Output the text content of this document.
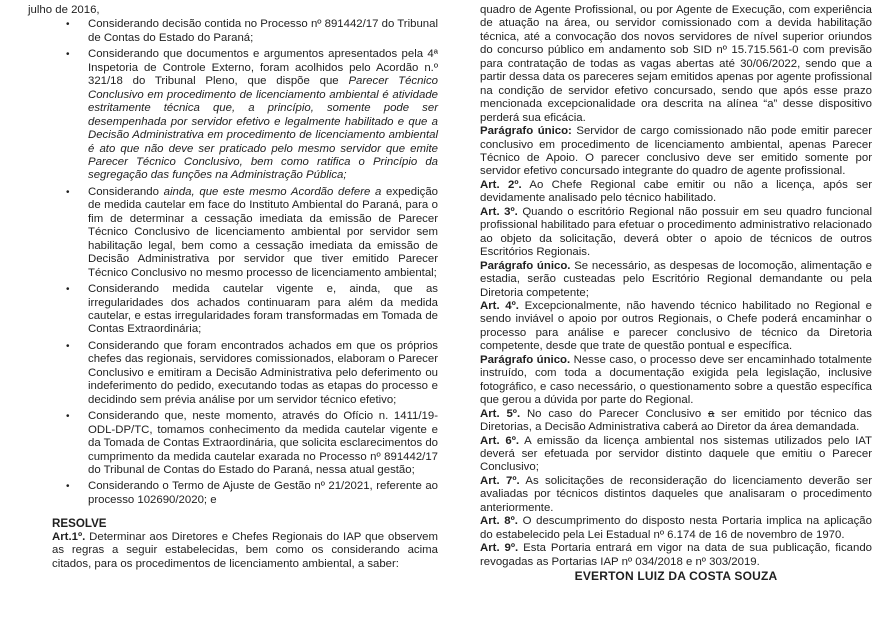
julho de 2016,

• Considerando decisão contida no Processo nº 891442/17 do Tribunal de Contas do Estado do Paraná;
• Considerando que documentos e argumentos apresentados pela 4ª Inspetoria de Controle Externo, foram acolhidos pelo Acordão n.º 321/18 do Tribunal Pleno, que dispõe que Parecer Técnico Conclusivo em procedimento de licenciamento ambiental é atividade estritamente técnica que, a princípio, somente pode ser desempenhada por servidor efetivo e legalmente habilitado e que a Decisão Administrativa em procedimento de licenciamento ambiental é ato que não deve ser praticado pelo mesmo servidor que emite Parecer Técnico Conclusivo, bem como ratifica o Princípio da segregação das funções na Administração Pública;
• Considerando ainda, que este mesmo Acordão defere a expedição de medida cautelar em face do Instituto Ambiental do Paraná, para o fim de determinar a cessação imediata da emissão de Parecer Técnico Conclusivo de licenciamento ambiental por servidor sem habilitação legal, bem como a cessação imediata da emissão de Decisão Administrativa por servidor que tiver emitido Parecer Técnico Conclusivo no mesmo processo de licenciamento ambiental;
• Considerando medida cautelar vigente e, ainda, que as irregularidades dos achados continuaram para além da medida cautelar, e estas irregularidades foram transformadas em Tomada de Contas Extraordinária;
• Considerando que foram encontrados achados em que os próprios chefes das regionais, servidores comissionados, elaboram o Parecer Conclusivo e emitiram a Decisão Administrativa pelo deferimento ou indeferimento do pedido, executando todas as etapas do processo e decidindo sem prévia análise por um servidor técnico efetivo;
• Considerando que, neste momento, através do Ofício n. 1411/19-ODL-DP/TC, tomamos conhecimento da medida cautelar vigente e da Tomada de Contas Extraordinária, que solicita esclarecimentos do cumprimento da medida cautelar exarada no Processo nº 891442/17 do Tribunal de Contas do Estado do Paraná, nessa atual gestão;
• Considerando o Termo de Ajuste de Gestão nº 21/2021, referente ao processo 102690/2020; e

RESOLVE

Art.1º. Determinar aos Diretores e Chefes Regionais do IAP que observem as regras a seguir estabelecidas, bem como os considerando acima citados, para os procedimentos de licenciamento ambiental, a saber:

quadro de Agente Profissional, ou por Agente de Execução, com experiência de atuação na área, ou servidor comissionado com a devida habilitação técnica, até a convocação dos novos servidores de nível superior oriundos do concurso público em andamento sob SID nº 15.715.561-0 com previsão para contratação de todas as vagas abertas até 30/06/2022, sendo que a partir dessa data os pareceres sejam emitidos apenas por agente profissional na condição de servidor efetivo concursado, sendo que após esse prazo mencionada excepcionalidade ora descrita na alínea “a” desse dispositivo perderá sua eficácia.

Parágrafo único: Servidor de cargo comissionado não pode emitir parecer conclusivo em procedimento de licenciamento ambiental, apenas Parecer Técnico de Apoio. O parecer conclusivo deve ser emitido somente por servidor efetivo concursado integrante do quadro de agente profissional.

Art. 2º. Ao Chefe Regional cabe emitir ou não a licença, após ser devidamente analisado pelo técnico habilitado.

Art. 3º. Quando o escritório Regional não possuir em seu quadro funcional profissional habilitado para efetuar o procedimento administrativo relacionado ao objeto da solicitação, deverá obter o apoio de técnicos de outros Escritórios Regionais.

Parágrafo único. Se necessário, as despesas de locomoção, alimentação e estadia, serão custeadas pelo Escritório Regional demandante ou pela Diretoria competente;

Art. 4º. Excepcionalmente, não havendo técnico habilitado no Regional e sendo inviável o apoio por outros Regionais, o Chefe poderá encaminhar o processo para análise e parecer conclusivo de técnico da Diretoria competente, desde que trate de questão pontual e específica.

Parágrafo único. Nesse caso, o processo deve ser encaminhado totalmente instruído, com toda a documentação exigida pela legislação, inclusive fotográfico, e caso necessário, o questionamento sobre a questão específica que gerou a dúvida por parte do Regional.

Art. 5º. No caso do Parecer Conclusivo a ser emitido por técnico das Diretorias, a Decisão Administrativa caberá ao Diretor da área demandada.

Art. 6º. A emissão da licença ambiental nos sistemas utilizados pelo IAT deverá ser efetuada por servidor distinto daquele que emitiu o Parecer Conclusivo;

Art. 7º. As solicitações de reconsideração do licenciamento deverão ser avaliadas por técnicos distintos daqueles que analisaram o procedimento anteriormente.

Art. 8º. O descumprimento do disposto nesta Portaria implica na aplicação do estabelecido pela Lei Estadual nº 6.174 de 16 de novembro de 1970.

Art. 9º. Esta Portaria entrará em vigor na data de sua publicação, ficando revogadas as Portarias IAP nº 034/2018 e nº 303/2019.

EVERTON LUIZ DA COSTA SOUZA
